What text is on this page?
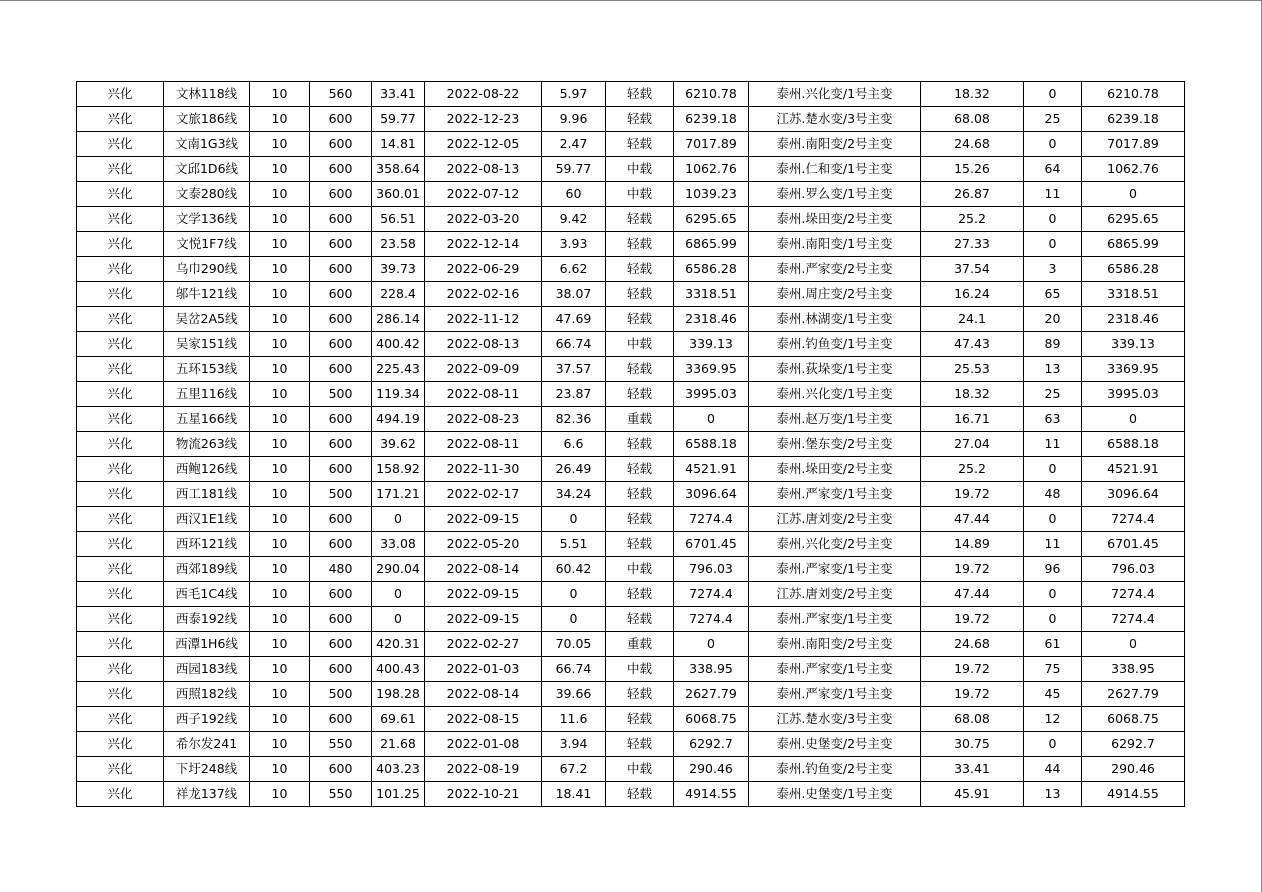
兴化	文林118线	10	560	33.41	2022-08-22	5.97	轻载	6210.78	泰州.兴化变/1号主变	18.32	0	6210.78
兴化	文旅186线	10	600	59.77	2022-12-23	9.96	轻载	6239.18	江苏.楚水变/3号主变	68.08	25	6239.18
兴化	文南1G3线	10	600	14.81	2022-12-05	2.47	轻载	7017.89	泰州.南阳变/2号主变	24.68	0	7017.89
兴化	文邱1D6线	10	600	358.64	2022-08-13	59.77	中载	1062.76	泰州.仁和变/1号主变	15.26	64	1062.76
兴化	文泰280线	10	600	360.01	2022-07-12	60	中载	1039.23	泰州.罗么变/1号主变	26.87	11	0
兴化	文学136线	10	600	56.51	2022-03-20	9.42	轻载	6295.65	泰州.垛田变/2号主变	25.2	0	6295.65
兴化	文悦1F7线	10	600	23.58	2022-12-14	3.93	轻载	6865.99	泰州.南阳变/1号主变	27.33	0	6865.99
兴化	乌巾290线	10	600	39.73	2022-06-29	6.62	轻载	6586.28	泰州.严家变/2号主变	37.54	3	6586.28
兴化	邬牛121线	10	600	228.4	2022-02-16	38.07	轻载	3318.51	泰州.周庄变/2号主变	16.24	65	3318.51
兴化	吴岔2A5线	10	600	286.14	2022-11-12	47.69	轻载	2318.46	泰州.林湖变/1号主变	24.1	20	2318.46
兴化	吴家151线	10	600	400.42	2022-08-13	66.74	中载	339.13	泰州.钓鱼变/1号主变	47.43	89	339.13
兴化	五环153线	10	600	225.43	2022-09-09	37.57	轻载	3369.95	泰州.荻垛变/1号主变	25.53	13	3369.95
兴化	五里116线	10	500	119.34	2022-08-11	23.87	轻载	3995.03	泰州.兴化变/1号主变	18.32	25	3995.03
兴化	五星166线	10	600	494.19	2022-08-23	82.36	重载	0	泰州.赵万变/1号主变	16.71	63	0
兴化	物流263线	10	600	39.62	2022-08-11	6.6	轻载	6588.18	泰州.堡东变/2号主变	27.04	11	6588.18
兴化	西鲍126线	10	600	158.92	2022-11-30	26.49	轻载	4521.91	泰州.垛田变/2号主变	25.2	0	4521.91
兴化	西工181线	10	500	171.21	2022-02-17	34.24	轻载	3096.64	泰州.严家变/1号主变	19.72	48	3096.64
兴化	西汉1E1线	10	600	0	2022-09-15	0	轻载	7274.4	江苏.唐刘变/2号主变	47.44	0	7274.4
兴化	西环121线	10	600	33.08	2022-05-20	5.51	轻载	6701.45	泰州.兴化变/2号主变	14.89	11	6701.45
兴化	西郊189线	10	480	290.04	2022-08-14	60.42	中载	796.03	泰州.严家变/1号主变	19.72	96	796.03
兴化	西毛1C4线	10	600	0	2022-09-15	0	轻载	7274.4	江苏.唐刘变/2号主变	47.44	0	7274.4
兴化	西泰192线	10	600	0	2022-09-15	0	轻载	7274.4	泰州.严家变/1号主变	19.72	0	7274.4
兴化	西潭1H6线	10	600	420.31	2022-02-27	70.05	重载	0	泰州.南阳变/2号主变	24.68	61	0
兴化	西园183线	10	600	400.43	2022-01-03	66.74	中载	338.95	泰州.严家变/1号主变	19.72	75	338.95
兴化	西照182线	10	500	198.28	2022-08-14	39.66	轻载	2627.79	泰州.严家变/1号主变	19.72	45	2627.79
兴化	西子192线	10	600	69.61	2022-08-15	11.6	轻载	6068.75	江苏.楚水变/3号主变	68.08	12	6068.75
兴化	希尔发241	10	550	21.68	2022-01-08	3.94	轻载	6292.7	泰州.史堡变/2号主变	30.75	0	6292.7
兴化	下圩248线	10	600	403.23	2022-08-19	67.2	中载	290.46	泰州.钓鱼变/2号主变	33.41	44	290.46
兴化	祥龙137线	10	550	101.25	2022-10-21	18.41	轻载	4914.55	泰州.史堡变/1号主变	45.91	13	4914.55
